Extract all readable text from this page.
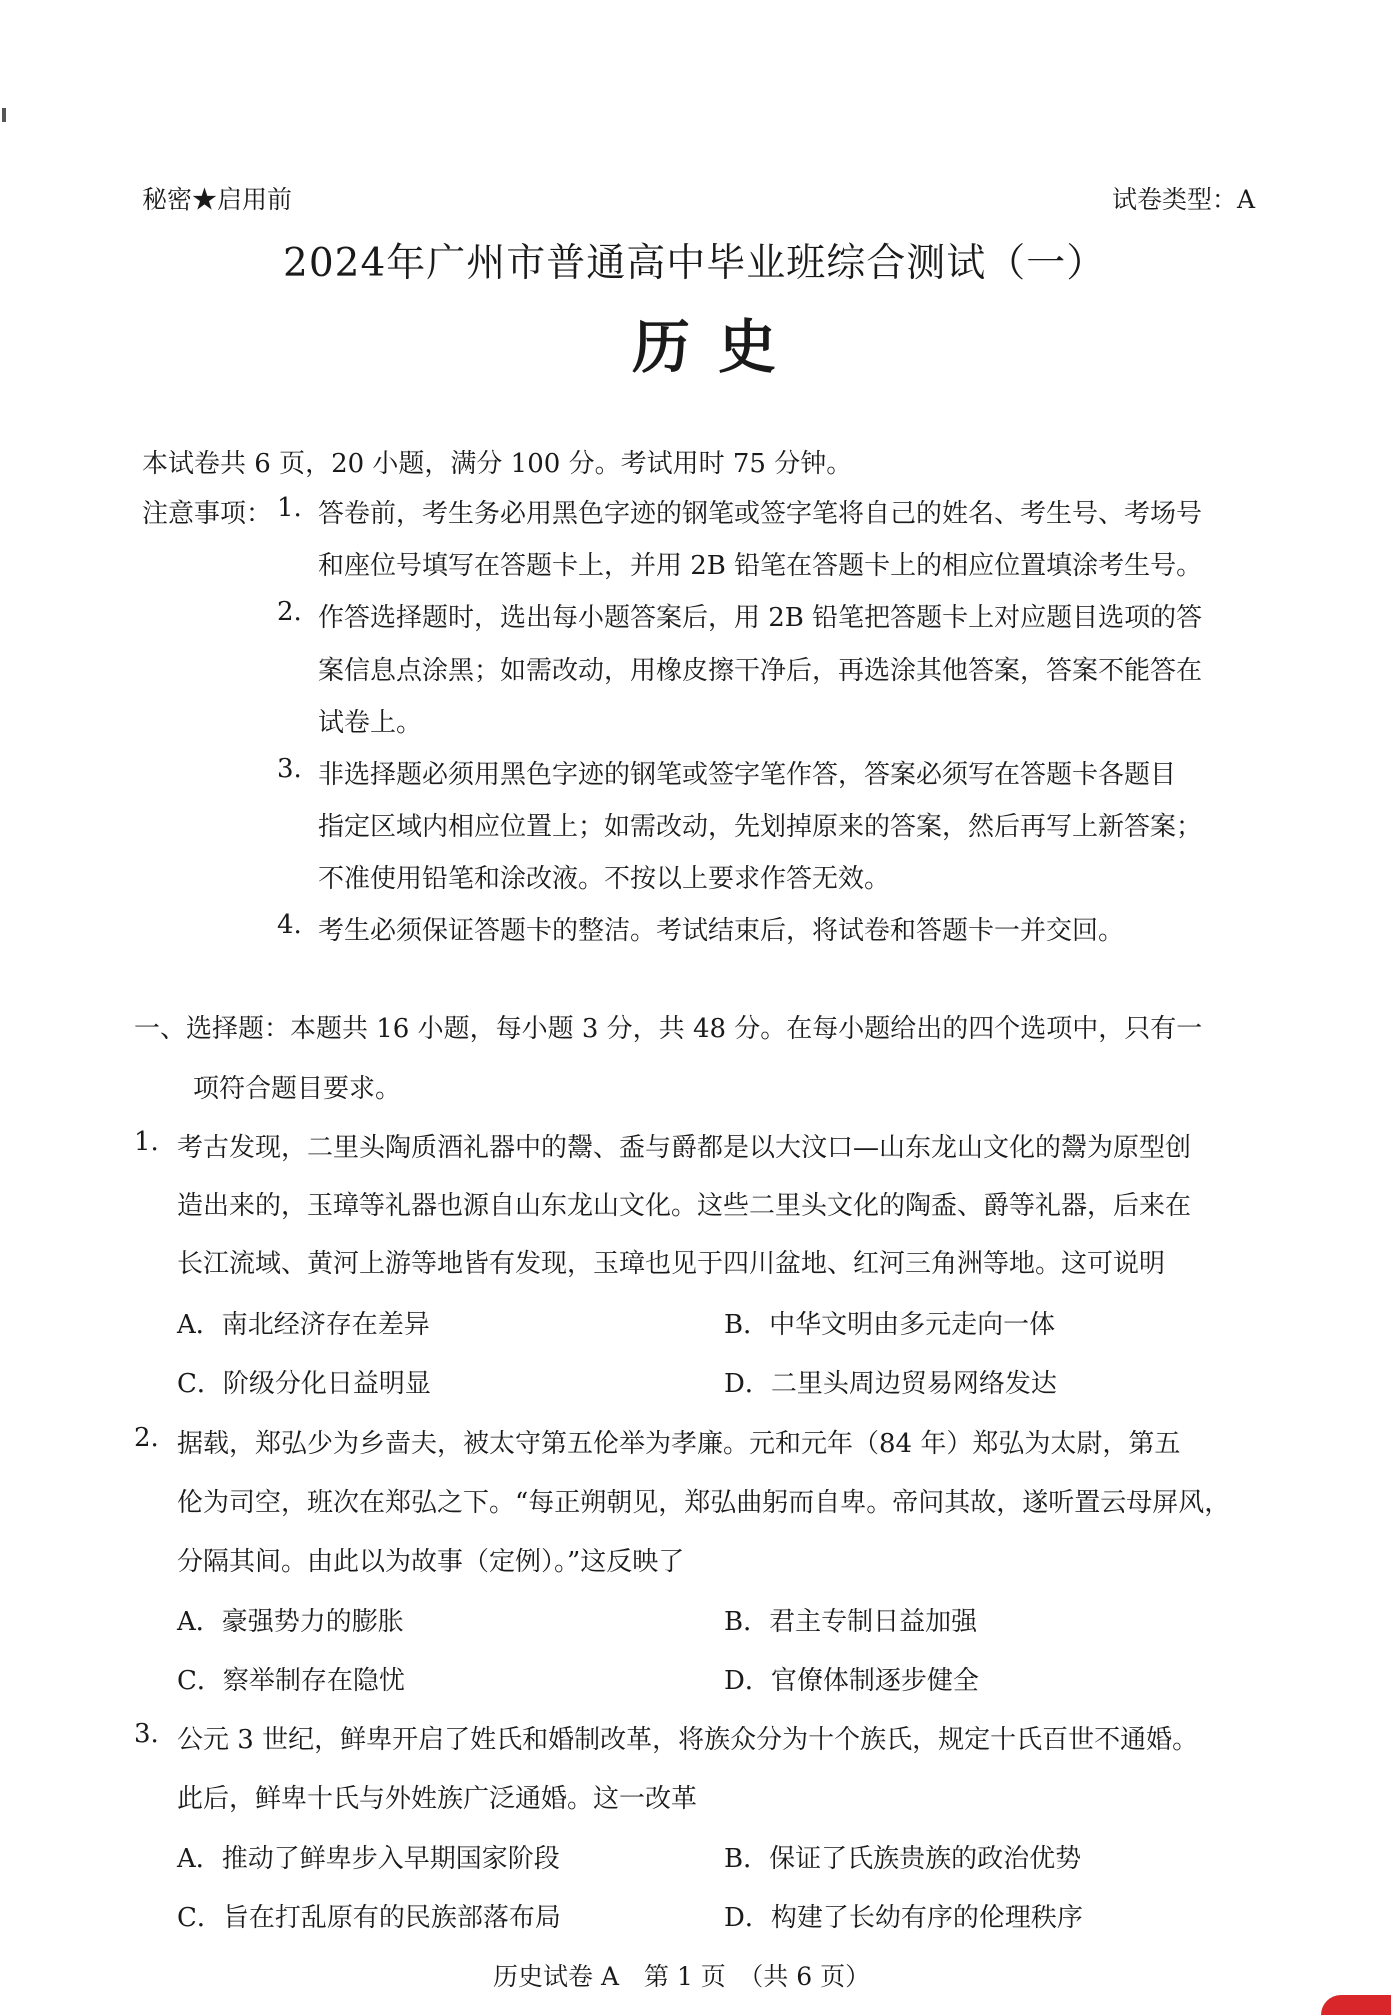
秘密★启用前	试卷类型：A
2024年广州市普通高中毕业班综合测试（一）
历史
本试卷共 6 页，20 小题，满分 100 分。考试用时 75 分钟。
注意事项： 1. 答卷前，考生务必用黑色字迹的钢笔或签字笔将自己的姓名、考生号、考场号
和座位号填写在答题卡上，并用 2B 铅笔在答题卡上的相应位置填涂考生号。
2. 作答选择题时，选出每小题答案后，用 2B 铅笔把答题卡上对应题目选项的答
案信息点涂黑；如需改动，用橡皮擦干净后，再选涂其他答案，答案不能答在
试卷上。
3. 非选择题必须用黑色字迹的钢笔或签字笔作答，答案必须写在答题卡各题目
指定区域内相应位置上；如需改动，先划掉原来的答案，然后再写上新答案；
不准使用铅笔和涂改液。不按以上要求作答无效。
4. 考生必须保证答题卡的整洁。考试结束后，将试卷和答题卡一并交回。
一、选择题：本题共 16 小题，每小题 3 分，共 48 分。在每小题给出的四个选项中，只有一
项符合题目要求。
1. 考古发现，二里头陶质酒礼器中的鬶、盉与爵都是以大汶口—山东龙山文化的鬶为原型创
造出来的，玉璋等礼器也源自山东龙山文化。这些二里头文化的陶盉、爵等礼器，后来在
长江流域、黄河上游等地皆有发现，玉璋也见于四川盆地、红河三角洲等地。这可说明
A．南北经济存在差异	B．中华文明由多元走向一体
C．阶级分化日益明显	D．二里头周边贸易网络发达
2. 据载，郑弘少为乡啬夫，被太守第五伦举为孝廉。元和元年（84 年）郑弘为太尉，第五
伦为司空，班次在郑弘之下。“每正朔朝见，郑弘曲躬而自卑。帝问其故，遂听置云母屏风，
分隔其间。由此以为故事（定例）。”这反映了
A．豪强势力的膨胀	B．君主专制日益加强
C．察举制存在隐忧	D．官僚体制逐步健全
3. 公元 3 世纪，鲜卑开启了姓氏和婚制改革，将族众分为十个族氏，规定十氏百世不通婚。
此后，鲜卑十氏与外姓族广泛通婚。这一改革
A．推动了鲜卑步入早期国家阶段	B．保证了氏族贵族的政治优势
C．旨在打乱原有的民族部落布局	D．构建了长幼有序的伦理秩序
历史试卷 A　第 1 页　（共 6 页）
